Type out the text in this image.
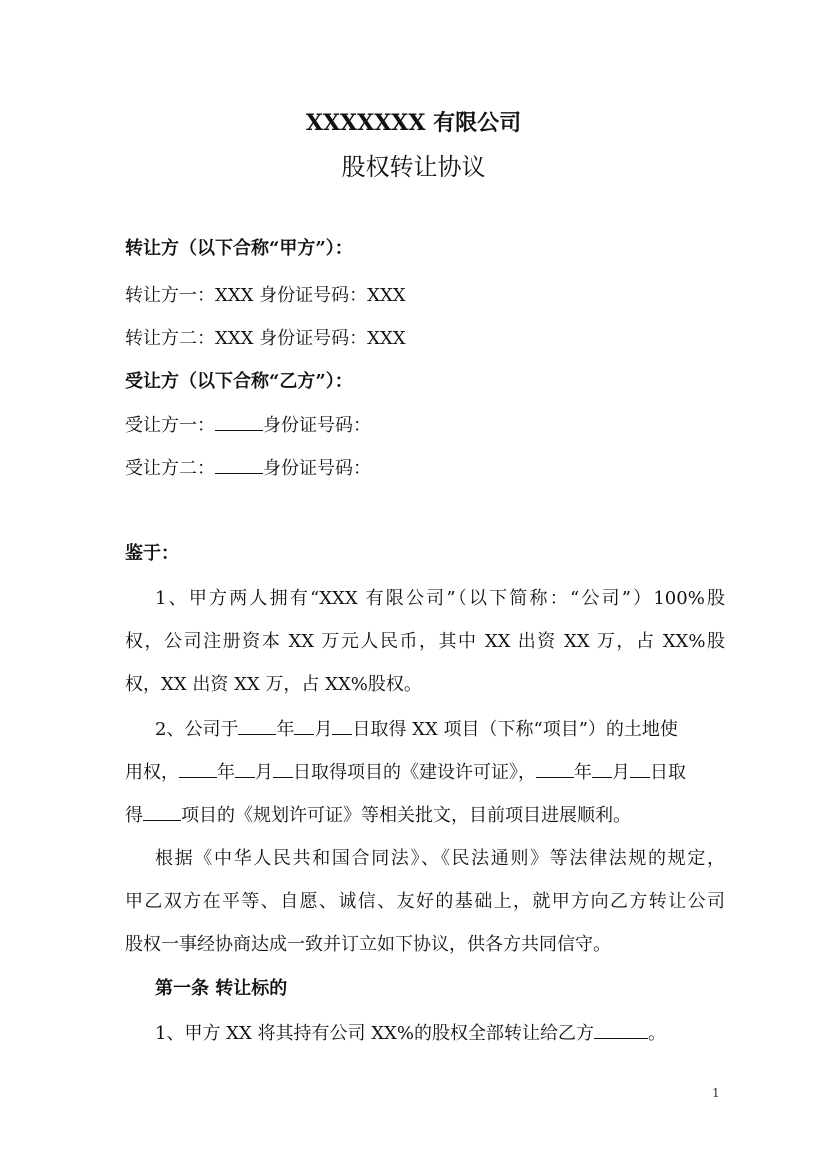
XXXXXXX 有限公司
股权转让协议
转让方（以下合称“甲方”）：
转让方一：XXX 身份证号码：XXX
转让方二：XXX 身份证号码：XXX
受让方（以下合称“乙方”）：
受让方一：	身份证号码：
受让方二：	身份证号码：
鉴于：
1、甲方两人拥有“XXX 有限公司”（以下简称：“公司”）100%股
权，公司注册资本 XX 万元人民币，其中 XX 出资 XX 万，占 XX%股
权，XX 出资 XX 万，占 XX%股权。
2、公司于 年 月 日取得 XX 项目（下称“项目”）的土地使
用权， 年 月 日取得项目的《建设许可证》， 年 月 日取
得 项目的《规划许可证》等相关批文，目前项目进展顺利。
根据《中华人民共和国合同法》、《民法通则》等法律法规的规定，
甲乙双方在平等、自愿、诚信、友好的基础上，就甲方向乙方转让公司
股权一事经协商达成一致并订立如下协议，供各方共同信守。
第一条 转让标的
1、甲方 XX 将其持有公司 XX%的股权全部转让给乙方	。
1
